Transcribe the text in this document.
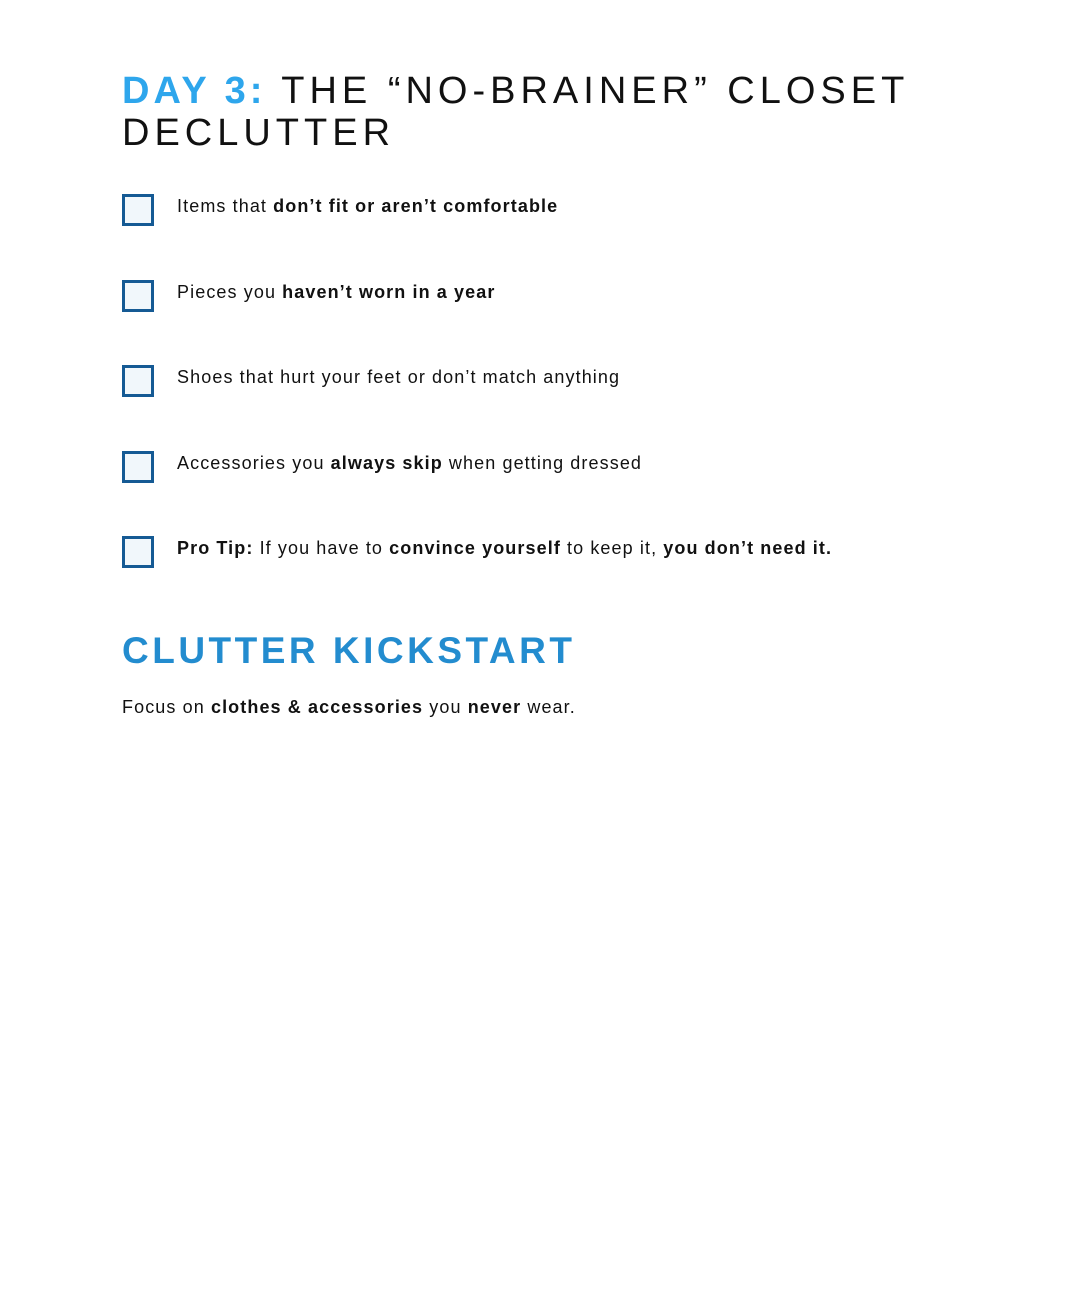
DAY 3: THE “NO-BRAINER” CLOSET DECLUTTER
Items that don’t fit or aren’t comfortable
Pieces you haven’t worn in a year
Shoes that hurt your feet or don’t match anything
Accessories you always skip when getting dressed
Pro Tip: If you have to convince yourself to keep it, you don’t need it.
CLUTTER KICKSTART

Focus on clothes & accessories you never wear.
